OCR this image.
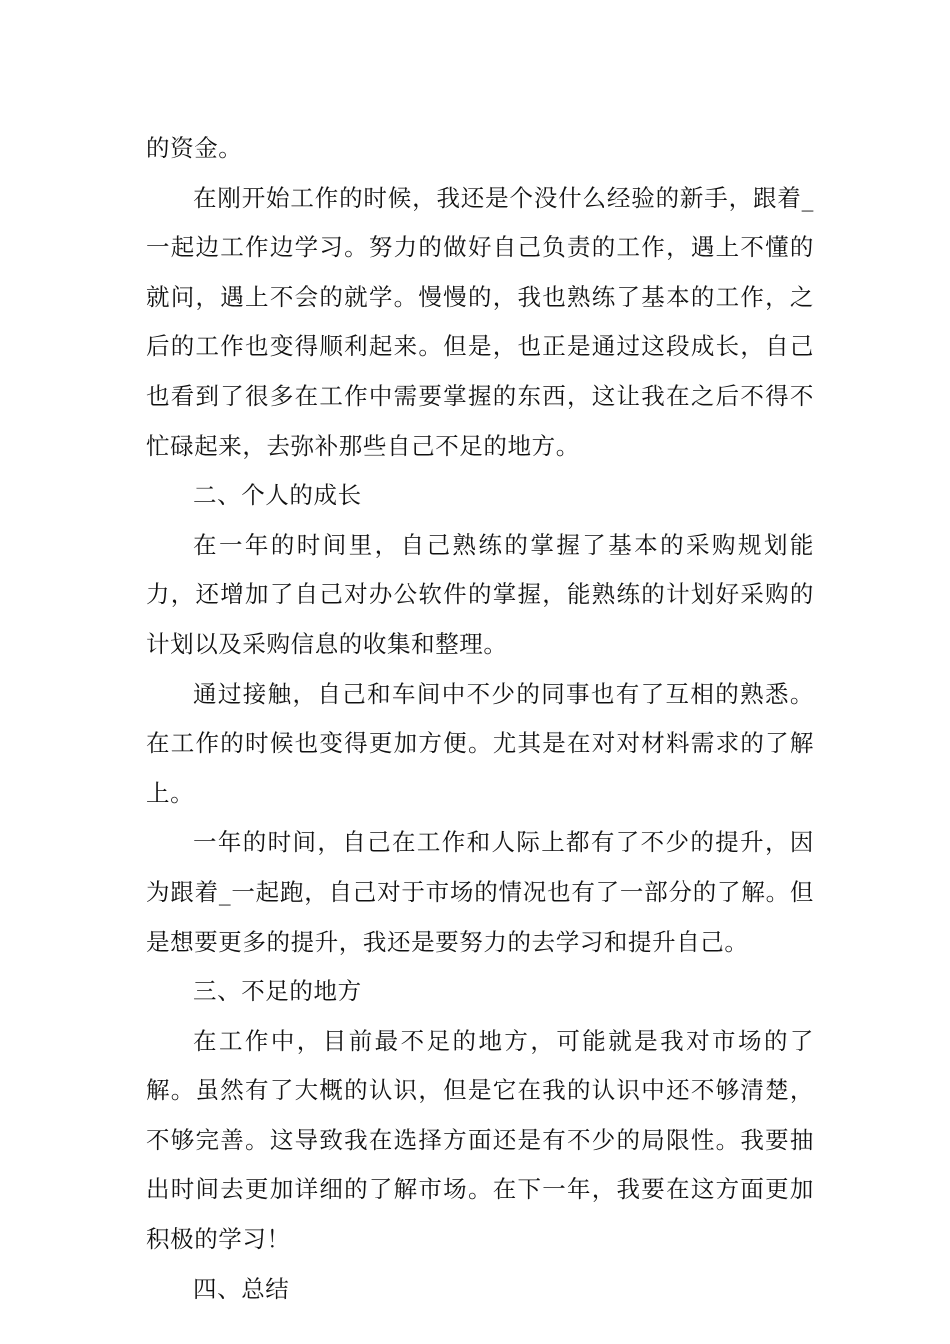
的资金。

在刚开始工作的时候，我还是个没什么经验的新手，跟着_一起边工作边学习。努力的做好自己负责的工作，遇上不懂的就问，遇上不会的就学。慢慢的，我也熟练了基本的工作，之后的工作也变得顺利起来。但是，也正是通过这段成长，自己也看到了很多在工作中需要掌握的东西，这让我在之后不得不忙碌起来，去弥补那些自己不足的地方。

二、个人的成长

在一年的时间里，自己熟练的掌握了基本的采购规划能力，还增加了自己对办公软件的掌握，能熟练的计划好采购的计划以及采购信息的收集和整理。

通过接触，自己和车间中不少的同事也有了互相的熟悉。在工作的时候也变得更加方便。尤其是在对对材料需求的了解上。

一年的时间，自己在工作和人际上都有了不少的提升，因为跟着_一起跑，自己对于市场的情况也有了一部分的了解。但是想要更多的提升，我还是要努力的去学习和提升自己。

三、不足的地方

在工作中，目前最不足的地方，可能就是我对市场的了解。虽然有了大概的认识，但是它在我的认识中还不够清楚，不够完善。这导致我在选择方面还是有不少的局限性。我要抽出时间去更加详细的了解市场。在下一年，我要在这方面更加积极的学习！

四、总结
